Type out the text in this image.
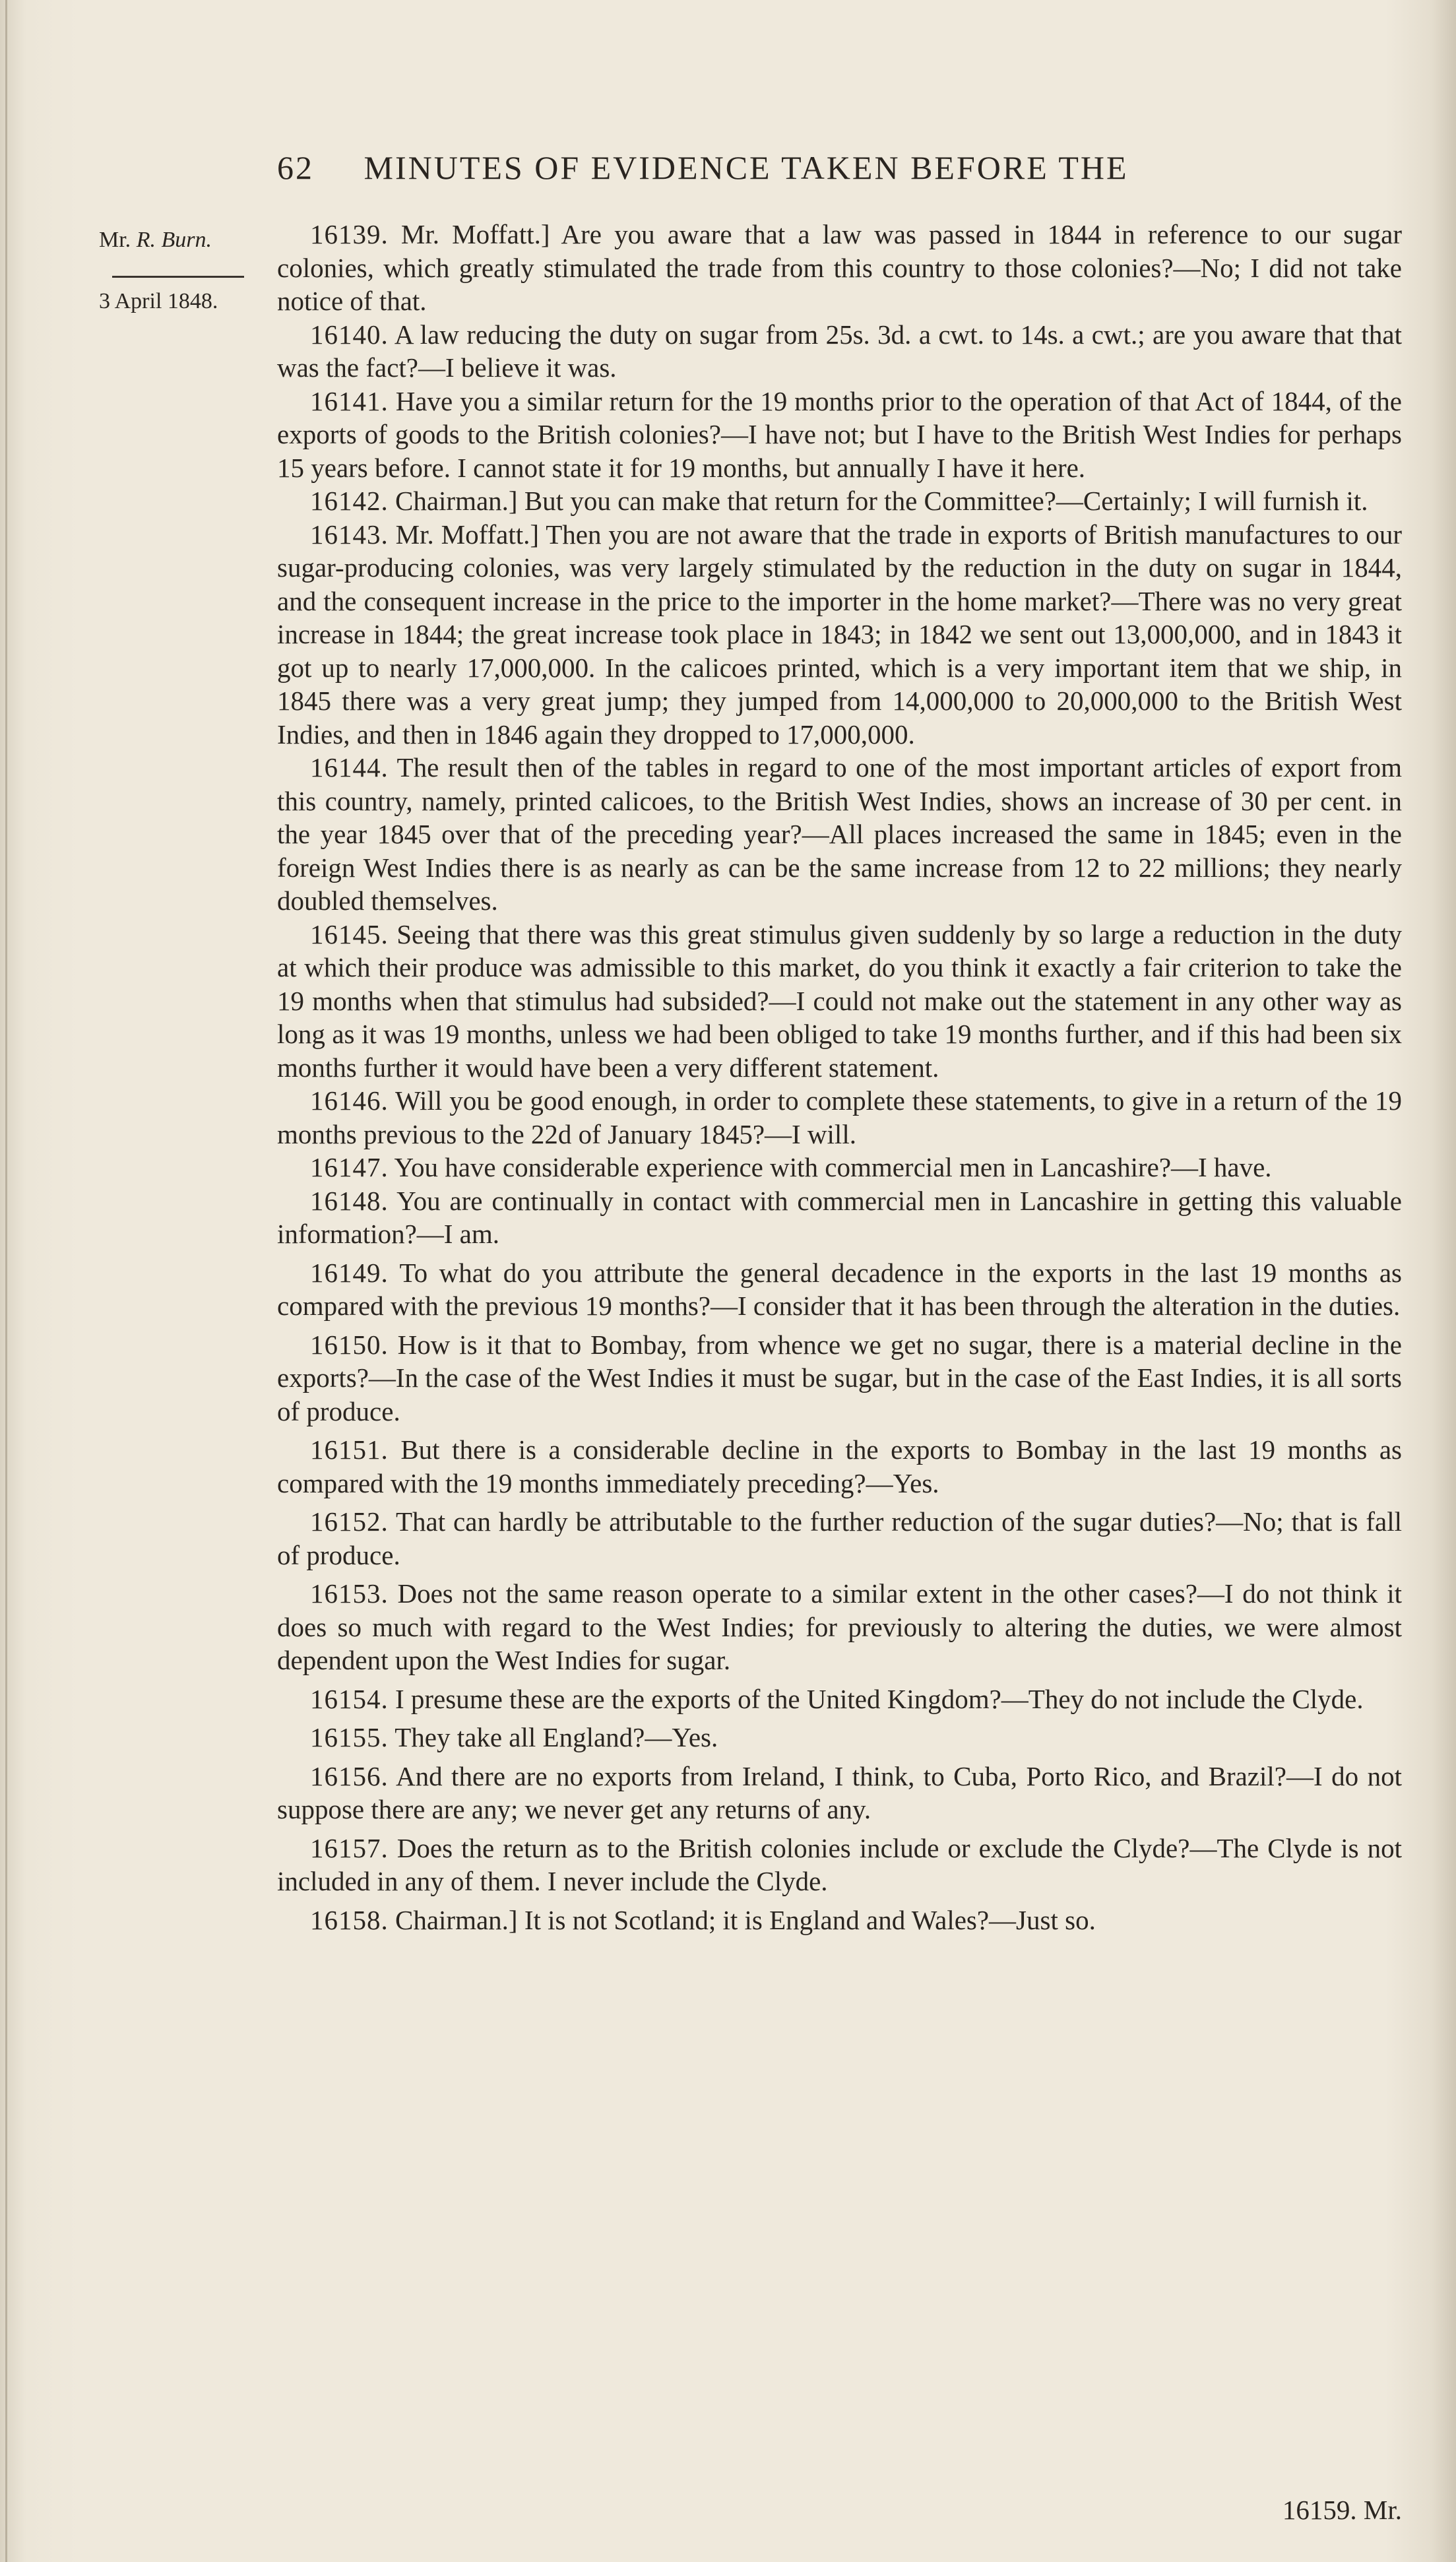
62 MINUTES OF EVIDENCE TAKEN BEFORE THE
Mr. R. Burn.
3 April 1848.

16139. Mr. Moffatt.] Are you aware that a law was passed in 1844 in reference to our sugar colonies, which greatly stimulated the trade from this country to those colonies?—No; I did not take notice of that.

16140. A law reducing the duty on sugar from 25s. 3d. a cwt. to 14s. a cwt.; are you aware that that was the fact?—I believe it was.

16141. Have you a similar return for the 19 months prior to the operation of that Act of 1844, of the exports of goods to the British colonies?—I have not; but I have to the British West Indies for perhaps 15 years before. I cannot state it for 19 months, but annually I have it here.

16142. Chairman.] But you can make that return for the Committee?—Certainly; I will furnish it.

16143. Mr. Moffatt.] Then you are not aware that the trade in exports of British manufactures to our sugar-producing colonies, was very largely stimulated by the reduction in the duty on sugar in 1844, and the consequent increase in the price to the importer in the home market?—There was no very great increase in 1844; the great increase took place in 1843; in 1842 we sent out 13,000,000, and in 1843 it got up to nearly 17,000,000. In the calicoes printed, which is a very important item that we ship, in 1845 there was a very great jump; they jumped from 14,000,000 to 20,000,000 to the British West Indies, and then in 1846 again they dropped to 17,000,000.

16144. The result then of the tables in regard to one of the most important articles of export from this country, namely, printed calicoes, to the British West Indies, shows an increase of 30 per cent. in the year 1845 over that of the preceding year?—All places increased the same in 1845; even in the foreign West Indies there is as nearly as can be the same increase from 12 to 22 millions; they nearly doubled themselves.

16145. Seeing that there was this great stimulus given suddenly by so large a reduction in the duty at which their produce was admissible to this market, do you think it exactly a fair criterion to take the 19 months when that stimulus had subsided?—I could not make out the statement in any other way as long as it was 19 months, unless we had been obliged to take 19 months further, and if this had been six months further it would have been a very different statement.

16146. Will you be good enough, in order to complete these statements, to give in a return of the 19 months previous to the 22d of January 1845?—I will.

16147. You have considerable experience with commercial men in Lancashire?—I have.

16148. You are continually in contact with commercial men in Lancashire in getting this valuable information?—I am.

16149. To what do you attribute the general decadence in the exports in the last 19 months as compared with the previous 19 months?—I consider that it has been through the alteration in the duties.

16150. How is it that to Bombay, from whence we get no sugar, there is a material decline in the exports?—In the case of the West Indies it must be sugar, but in the case of the East Indies, it is all sorts of produce.

16151. But there is a considerable decline in the exports to Bombay in the last 19 months as compared with the 19 months immediately preceding?—Yes.

16152. That can hardly be attributable to the further reduction of the sugar duties?—No; that is fall of produce.

16153. Does not the same reason operate to a similar extent in the other cases?—I do not think it does so much with regard to the West Indies; for previously to altering the duties, we were almost dependent upon the West Indies for sugar.

16154. I presume these are the exports of the United Kingdom?—They do not include the Clyde.

16155. They take all England?—Yes.

16156. And there are no exports from Ireland, I think, to Cuba, Porto Rico, and Brazil?—I do not suppose there are any; we never get any returns of any.

16157. Does the return as to the British colonies include or exclude the Clyde?—The Clyde is not included in any of them. I never include the Clyde.

16158. Chairman.] It is not Scotland; it is England and Wales?—Just so.

16159. Mr.
